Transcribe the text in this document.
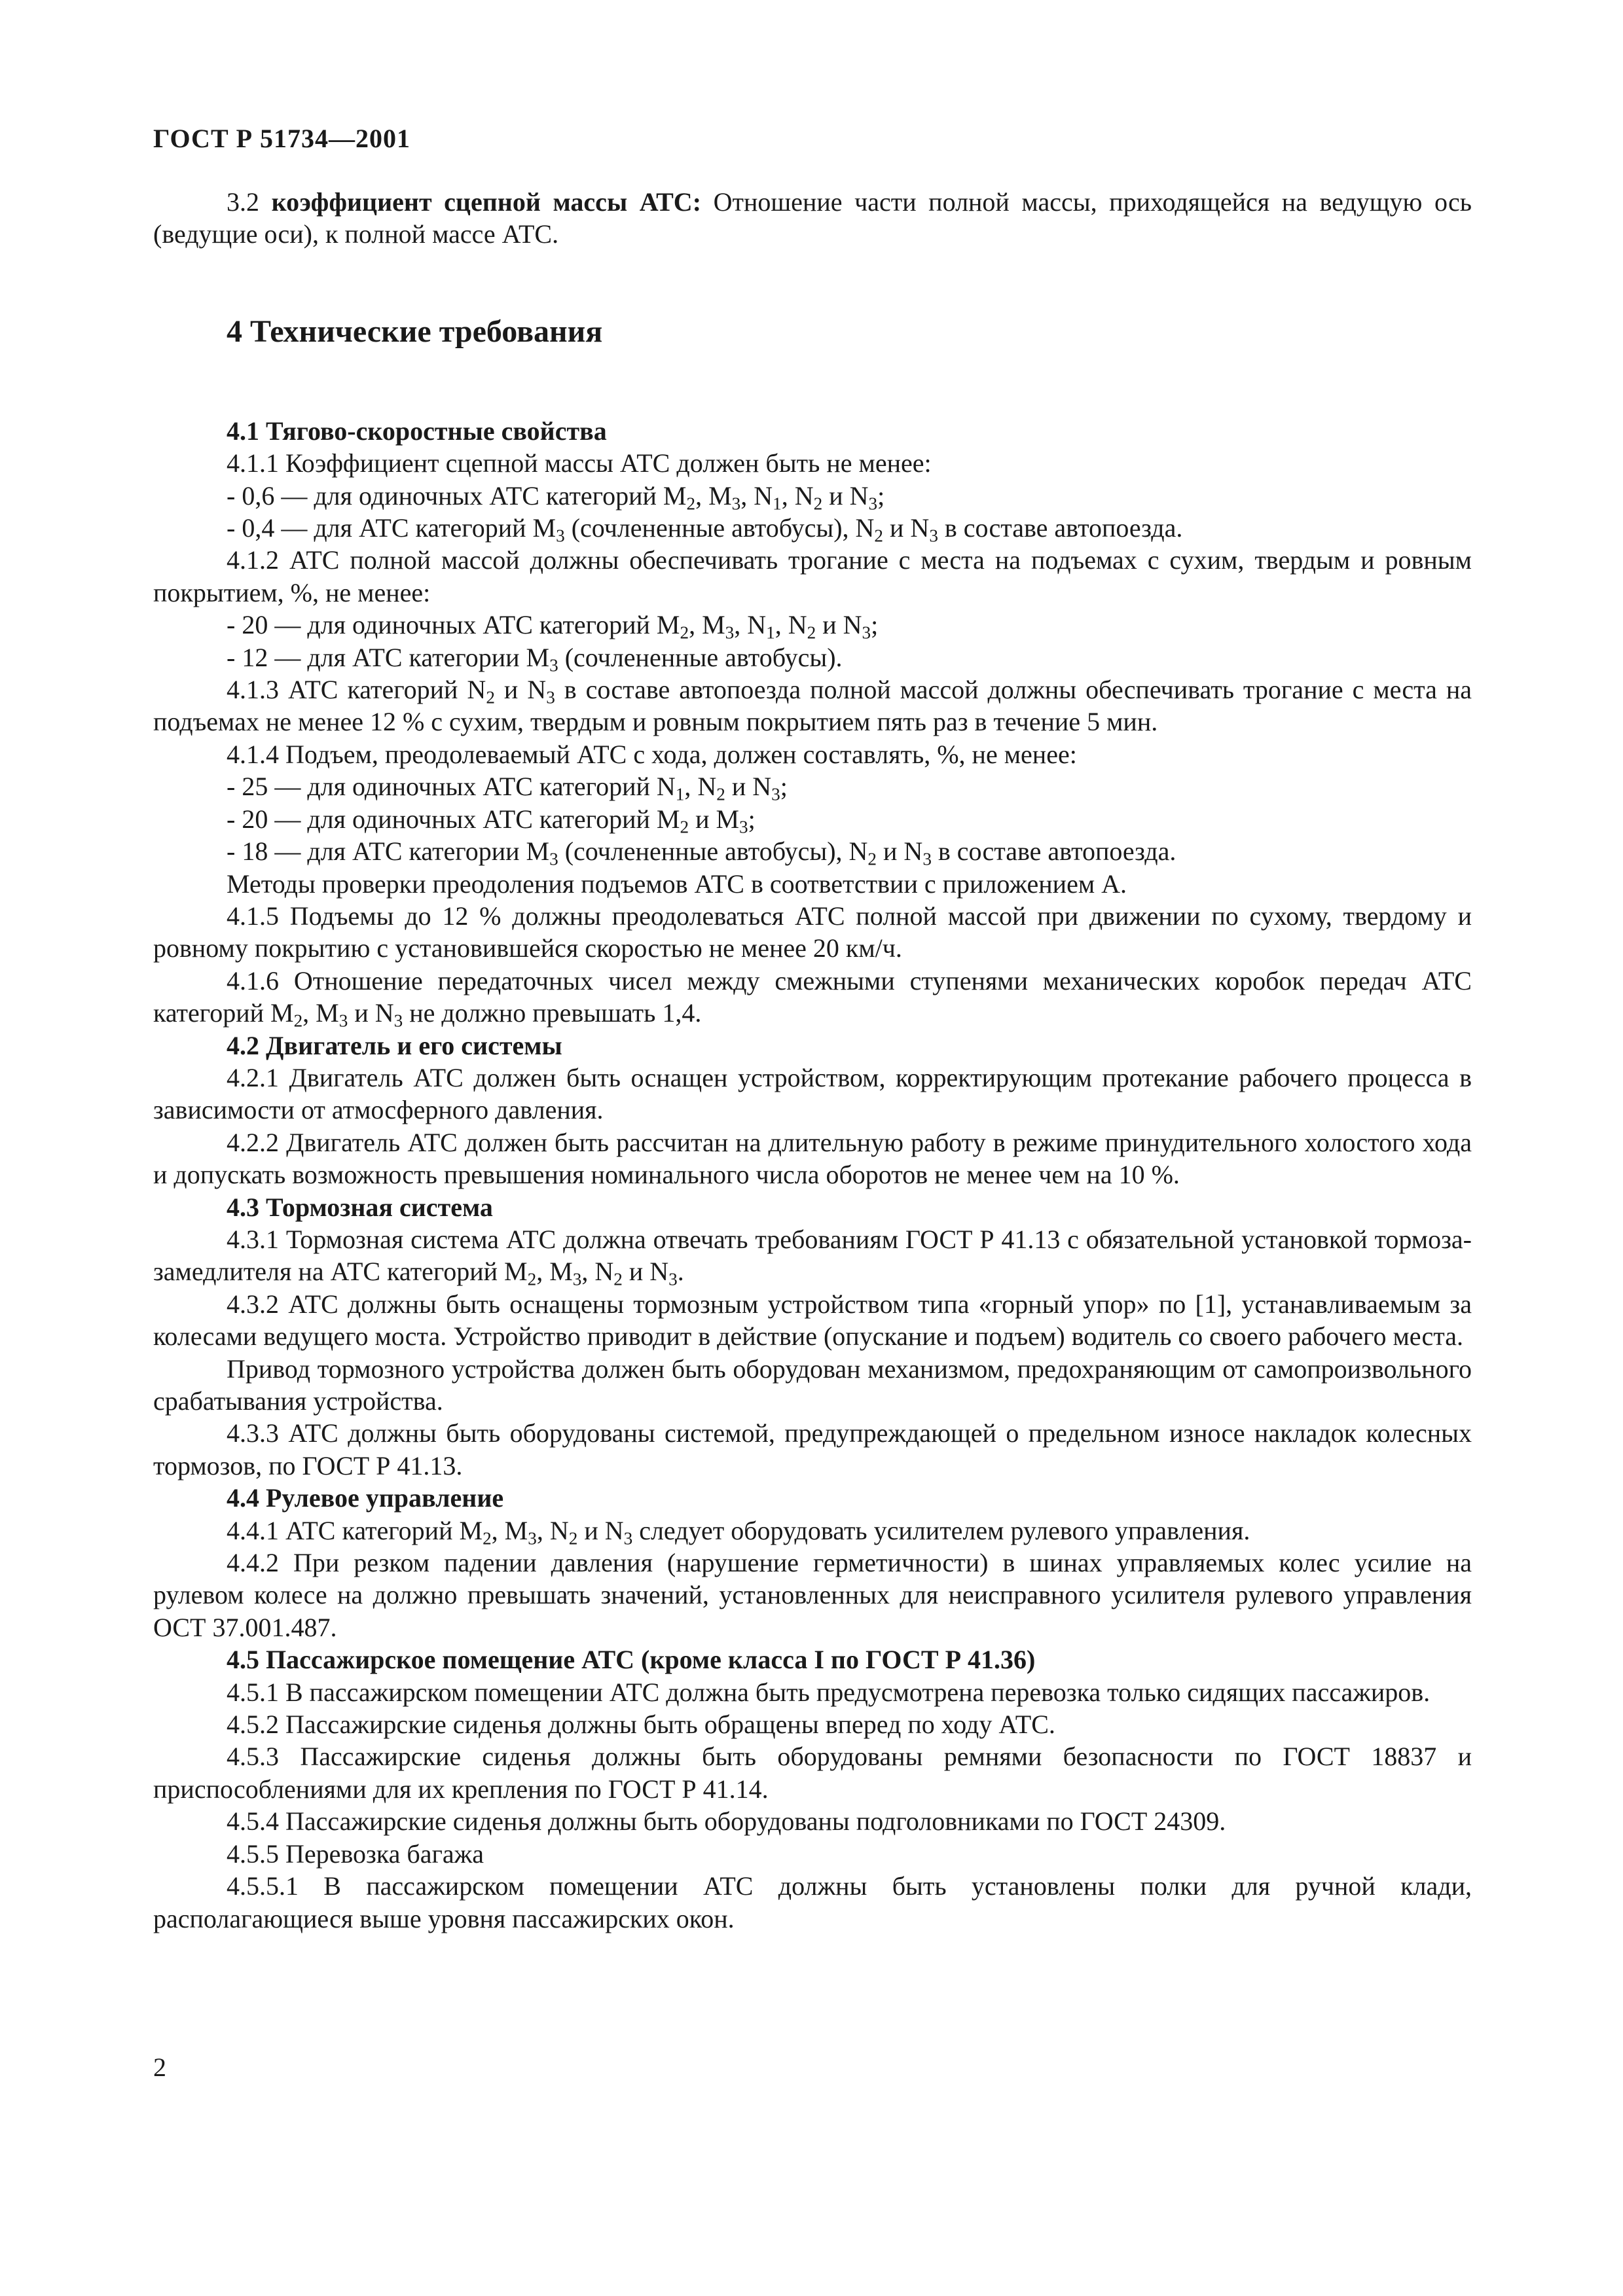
ГОСТ Р 51734—2001

3.2 коэффициент сцепной массы АТС: Отношение части полной массы, приходящейся на ведущую ось (ведущие оси), к полной массе АТС.

4 Технические требования
4.1 Тягово-скоростные свойства

4.1.1 Коэффициент сцепной массы АТС должен быть не менее:

- 0,6 — для одиночных АТС категорий $M_2$, $M_3$, $N_1$, $N_2$ и $N_3$;

- 0,4 — для АТС категорий $M_3$ (сочлененные автобусы), $N_2$ и $N_3$ в составе автопоезда.

4.1.2 АТС полной массой должны обеспечивать трогание с места на подъемах с сухим, твердым и ровным покрытием, %, не менее:

- 20 — для одиночных АТС категорий $M_2$, $M_3$, $N_1$, $N_2$ и $N_3$;

- 12 — для АТС категории $M_3$ (сочлененные автобусы).

4.1.3 АТС категорий $N_2$ и $N_3$ в составе автопоезда полной массой должны обеспечивать трогание с места на подъемах не менее 12 % с сухим, твердым и ровным покрытием пять раз в течение 5 мин.

4.1.4 Подъем, преодолеваемый АТС с хода, должен составлять, %, не менее:

- 25 — для одиночных АТС категорий $N_1$, $N_2$ и $N_3$;

- 20 — для одиночных АТС категорий $M_2$ и $M_3$;

- 18 — для АТС категории $M_3$ (сочлененные автобусы), $N_2$ и $N_3$ в составе автопоезда.

Методы проверки преодоления подъемов АТС в соответствии с приложением А.

4.1.5 Подъемы до 12 % должны преодолеваться АТС полной массой при движении по сухому, твердому и ровному покрытию с установившейся скоростью не менее 20 км/ч.

4.1.6 Отношение передаточных чисел между смежными ступенями механических коробок передач АТС категорий $M_2$, $M_3$ и $N_3$ не должно превышать 1,4.

4.2 Двигатель и его системы

4.2.1 Двигатель АТС должен быть оснащен устройством, корректирующим протекание рабочего процесса в зависимости от атмосферного давления.

4.2.2 Двигатель АТС должен быть рассчитан на длительную работу в режиме принудительного холостого хода и допускать возможность превышения номинального числа оборотов не менее чем на 10 %.

4.3 Тормозная система

4.3.1 Тормозная система АТС должна отвечать требованиям ГОСТ Р 41.13 с обязательной установкой тормоза-замедлителя на АТС категорий $M_2$, $M_3$, $N_2$ и $N_3$.

4.3.2 АТС должны быть оснащены тормозным устройством типа «горный упор» по [1], устанавливаемым за колесами ведущего моста. Устройство приводит в действие (опускание и подъем) водитель со своего рабочего места.

Привод тормозного устройства должен быть оборудован механизмом, предохраняющим от самопроизвольного срабатывания устройства.

4.3.3 АТС должны быть оборудованы системой, предупреждающей о предельном износе накладок колесных тормозов, по ГОСТ Р 41.13.

4.4 Рулевое управление

4.4.1 АТС категорий $M_2$, $M_3$, $N_2$ и $N_3$ следует оборудовать усилителем рулевого управления.

4.4.2 При резком падении давления (нарушение герметичности) в шинах управляемых колес усилие на рулевом колесе на должно превышать значений, установленных для неисправного усилителя рулевого управления ОСТ 37.001.487.

4.5 Пассажирское помещение АТС (кроме класса I по ГОСТ Р 41.36)

4.5.1 В пассажирском помещении АТС должна быть предусмотрена перевозка только сидящих пассажиров.

4.5.2 Пассажирские сиденья должны быть обращены вперед по ходу АТС.

4.5.3 Пассажирские сиденья должны быть оборудованы ремнями безопасности по ГОСТ 18837 и приспособлениями для их крепления по ГОСТ Р 41.14.

4.5.4 Пассажирские сиденья должны быть оборудованы подголовниками по ГОСТ 24309.

4.5.5 Перевозка багажа

4.5.5.1 В пассажирском помещении АТС должны быть установлены полки для ручной клади, располагающиеся выше уровня пассажирских окон.

2
